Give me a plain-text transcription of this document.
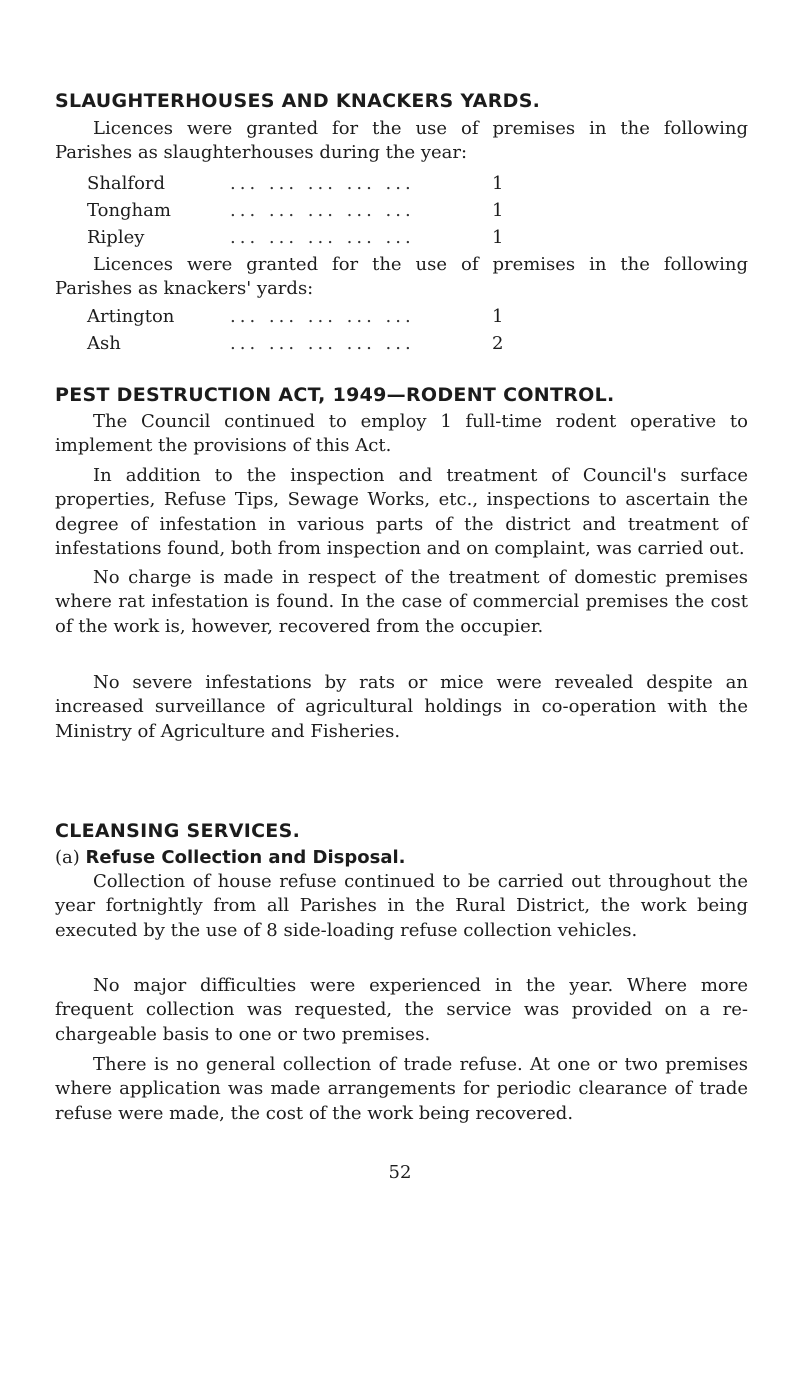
SLAUGHTERHOUSES AND KNACKERS YARDS.

Licences were granted for the use of premises in the following Parishes as slaughterhouses during the year:

Shalford	... ... ... ... ...	1
Tongham	... ... ... ... ...	1
Ripley	... ... ... ... ...	1

Licences were granted for the use of premises in the following Parishes as knackers' yards:

Artington	... ... ... ... ...	1
Ash	... ... ... ... ...	2
PEST DESTRUCTION ACT, 1949—RODENT CONTROL.

The Council continued to employ 1 full-time rodent operative to implement the provisions of this Act.

In addition to the inspection and treatment of Council's surface properties, Refuse Tips, Sewage Works, etc., inspections to ascertain the degree of infestation in various parts of the district and treatment of infestations found, both from inspection and on complaint, was carried out.

No charge is made in respect of the treatment of domestic premises where rat infestation is found. In the case of commercial premises the cost of the work is, however, recovered from the occupier.

No severe infestations by rats or mice were revealed despite an increased surveillance of agricultural holdings in co-operation with the Ministry of Agriculture and Fisheries.

CLEANSING SERVICES.

(a) Refuse Collection and Disposal.

Collection of house refuse continued to be carried out throughout the year fortnightly from all Parishes in the Rural District, the work being executed by the use of 8 side-loading refuse collection vehicles.

No major difficulties were experienced in the year. Where more frequent collection was requested, the service was provided on a re-chargeable basis to one or two premises.

There is no general collection of trade refuse. At one or two premises where application was made arrangements for periodic clearance of trade refuse were made, the cost of the work being recovered.

52
